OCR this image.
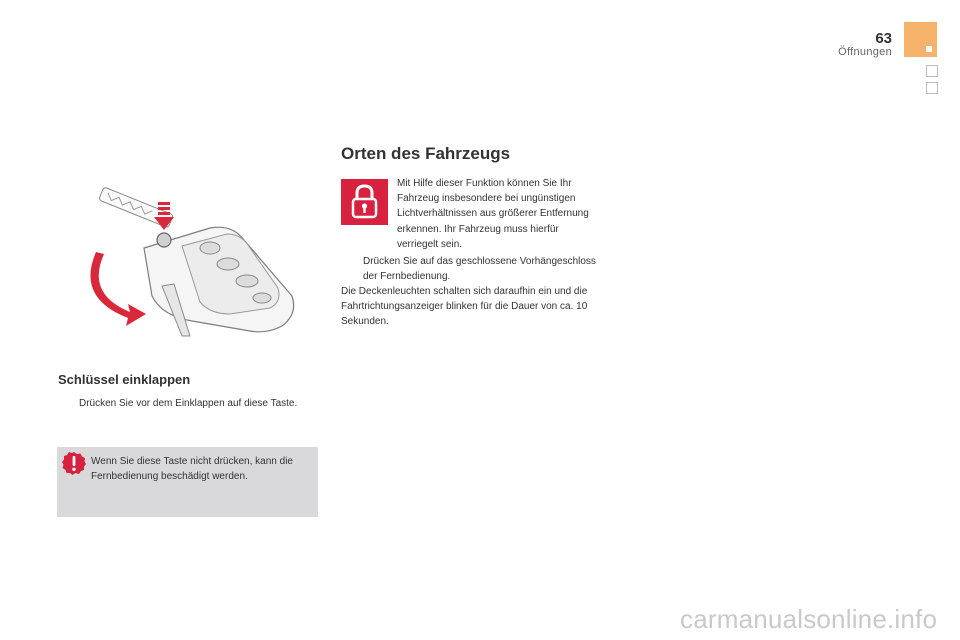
63
Öffnungen
Orten des Fahrzeugs
Mit Hilfe dieser Funktion können Sie Ihr Fahrzeug insbesondere bei ungünstigen Lichtverhältnissen aus größerer Entfernung erkennen. Ihr Fahrzeug muss hierfür verriegelt sein.
Drücken Sie auf das geschlossene Vorhängeschloss der Fernbedienung.
Die Deckenleuchten schalten sich daraufhin ein und die Fahrtrichtungsanzeiger blinken für die Dauer von ca. 10 Sekunden.
Schlüssel einklappen
Drücken Sie vor dem Einklappen auf diese Taste.
Wenn Sie diese Taste nicht drücken, kann die Fernbedienung beschädigt werden.
carmanualsonline.info
